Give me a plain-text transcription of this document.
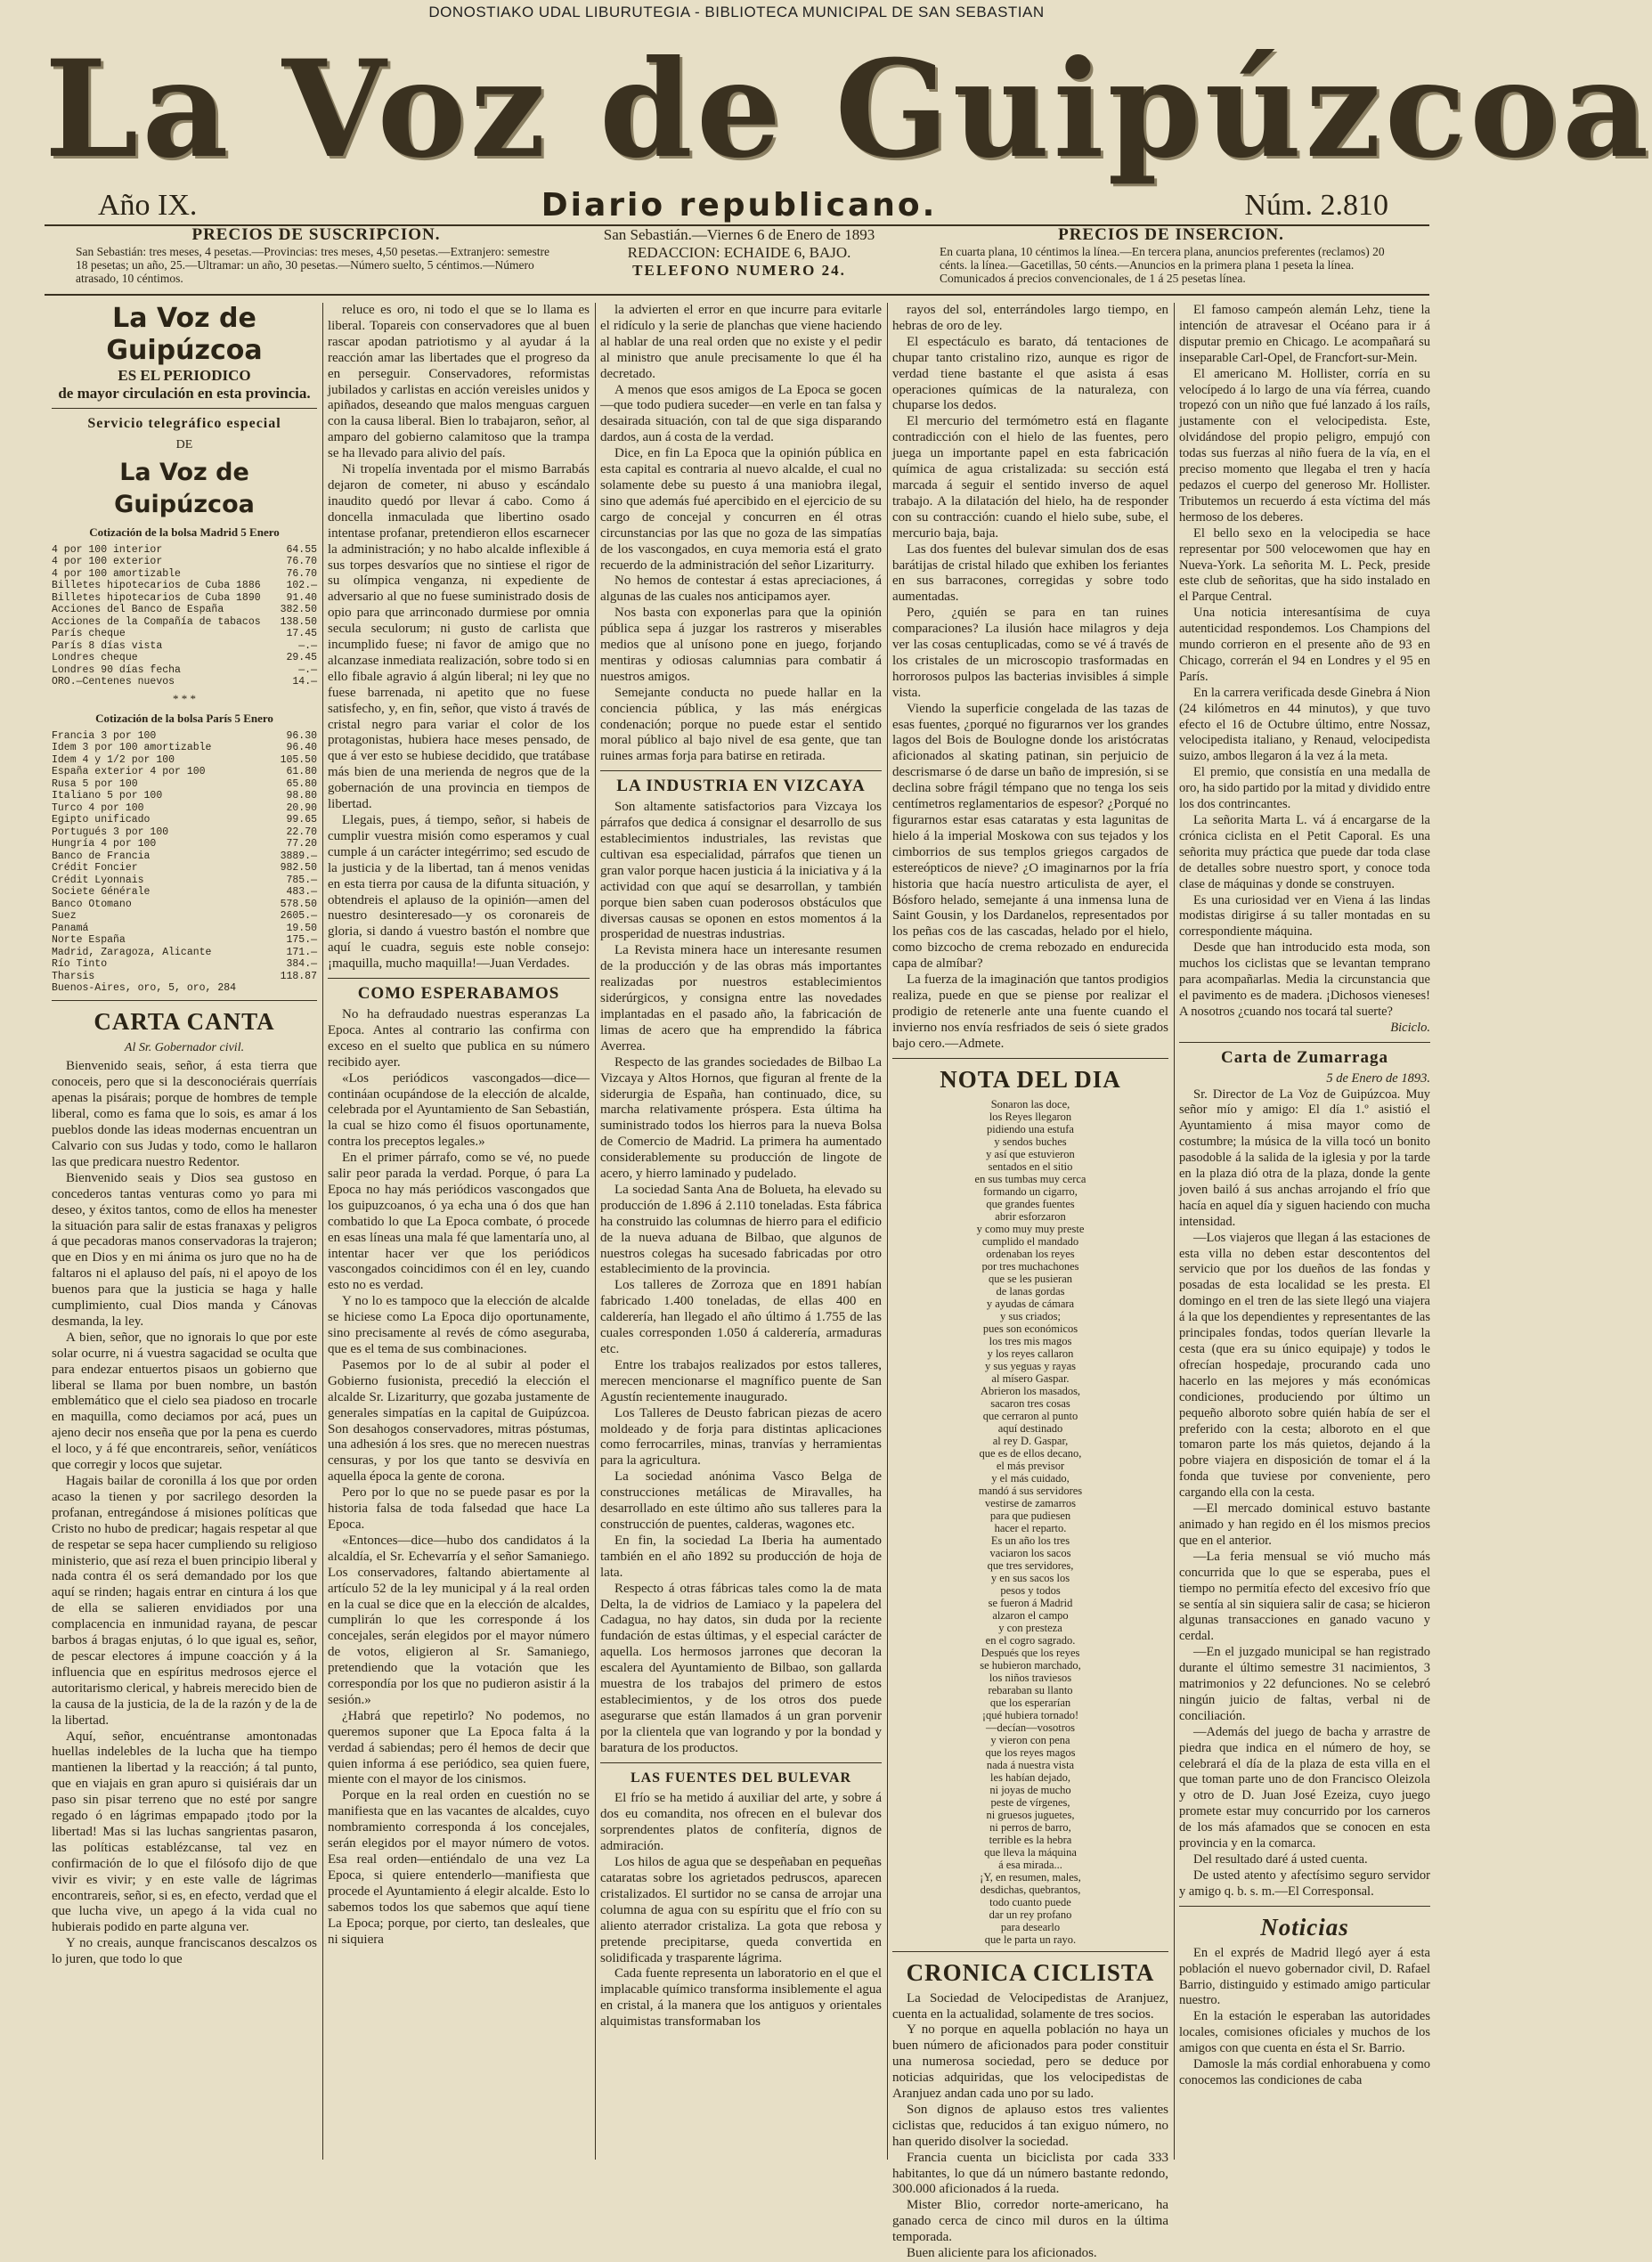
DONOSTIAKO UDAL LIBURUTEGIA - BIBLIOTECA MUNICIPAL DE SAN SEBASTIAN
La Voz de Guipúzcoa
Año IX.	Diario republicano.	Núm. 2.810
PRECIOS DE SUSCRIPCION.
San Sebastián: tres meses, 4 pesetas.—Provincias: tres meses, 4,50 pesetas.—Extranjero: semestre 18 pesetas; un año, 25.—Ultramar: un año, 30 pesetas.—Número suelto, 5 céntimos.—Número atrasado, 10 céntimos.
San Sebastián.—Viernes 6 de Enero de 1893
REDACCION: ECHAIDE 6, BAJO.
TELEFONO NUMERO 24.
PRECIOS DE INSERCION.
En cuarta plana, 10 céntimos la línea.—En tercera plana, anuncios preferentes (reclamos) 20 cénts. la línea.—Gacetillas, 50 cénts.—Anuncios en la primera plana 1 peseta la línea. Comunicados á precios convencionales, de 1 á 25 pesetas línea.
La Voz de Guipúzcoa
ES EL PERIODICO
de mayor circulación en esta provincia.
Servicio telegráfico especial
DE
La Voz de Guipúzcoa
Cotización de la bolsa Madrid 5 Enero
4 por 100 interior	64.55
4 por 100 exterior	76.70
4 por 100 amortizable	76.70
Billetes hipotecarios de Cuba 1886	102.—
Billetes hipotecarios de Cuba 1890	91.40
Acciones del Banco de España	382.50
Acciones de la Compañía de tabacos 138.50
París cheque	17.45
París 8 días vista	—.—
Londres cheque	29.45
Londres 90 días fecha	—.—
ORO.—Centenes nuevos	14.—
* * *
Cotización de la bolsa París 5 Enero
Francia 3 por 100	96.30
Idem 3 por 100 amortizable	96.40
Idem 4 y 1/2 por 100	105.50
España exterior 4 por 100	61.80
Rusa 5 por 100	65.80
Italiano 5 por 100	98.80
Turco 4 por 100	20.90
Egipto unificado	99.65
Portugués 3 por 100	22.70
Hungría 4 por 100	77.20
Banco de Francia	3889.—
Crédit Foncier	982.50
Crédit Lyonnais	785.—
Societe Générale	483.—
Banco Otomano	578.50
Suez	2605.—
Panamá	19.50
Norte España	175.—
Madrid, Zaragoza, Alicante	171.—
Río Tinto	384.—
Tharsis	118.87
Buenos-Aires, oro, 5, oro, 284
CARTA CANTA
Al Sr. Gobernador civil.

Bienvenido seais, señor, á esta tierra que conoceis, pero que si la desconociérais querríais apenas la pisárais; porque de hombres de temple liberal, como es fama que lo sois, es amar á los pueblos donde las ideas modernas encuentran un Calvario con sus Judas y todo, como le hallaron las que predicara nuestro Redentor.

Bienvenido seais y Dios sea gustoso en concederos tantas venturas como yo para mi deseo, y éxitos tantos, como de ellos ha menester la situación para salir de estas franaxas y peligros á que pecadoras manos conservadoras la trajeron; que en Dios y en mi ánima os juro que no ha de faltaros ni el aplauso del país, ni el apoyo de los buenos para que la justicia se haga y halle cumplimiento, cual Dios manda y Cánovas desmanda, la ley.

A bien, señor, que no ignorais lo que por este solar ocurre, ni á vuestra sagacidad se oculta que para endezar entuertos pisaos un gobierno que liberal se llama por buen nombre, un bastón emblemático que el cielo sea piadoso en trocarle en maquilla, como deciamos por acá, pues un ajeno decir nos enseña que por la pena es cuerdo el loco, y á fé que encontrareis, señor, veníáticos que corregir y locos que sujetar.

Hagais bailar de coronilla á los que por orden acaso la tienen y por sacrilego desorden la profanan, entregándose á misiones políticas que Cristo no hubo de predicar; hagais respetar al que de respetar se sepa hacer cumpliendo su religioso ministerio, que así reza el buen principio liberal y nada contra él os será demandado por los que aquí se rinden; hagais entrar en cintura á los que de ella se salieren envidiados por una complacencia en inmunidad rayana, de pescar barbos á bragas enjutas, ó lo que igual es, señor, de pescar electores á impune coacción y á la influencia que en espíritus medrosos ejerce el autoritarismo clerical, y habreis merecido bien de la causa de la justicia, de la de la razón y de la de la libertad.

Aquí, señor, encuéntranse amontonadas huellas indelebles de la lucha que ha tiempo mantienen la libertad y la reacción; á tal punto, que en viajais en gran apuro si quisiérais dar un paso sin pisar terreno que no esté por sangre regado ó en lágrimas empapado ¡todo por la libertad! Mas si las luchas sangrientas pasaron, las políticas establézcanse, tal vez en confirmación de lo que el filósofo dijo de que vivir es vivir; y en este valle de lágrimas encontrareis, señor, si es, en efecto, verdad que el que lucha vive, un apego á la vida cual no hubierais podido en parte alguna ver.

Y no creais, aunque franciscanos descalzos os lo juren, que todo lo que

reluce es oro, ni todo el que se lo llama es liberal. Topareis con conservadores que al buen rascar apodan patriotismo y al ayudar á la reacción amar las libertades que el progreso da en perseguir. Conservadores, reformistas jubilados y carlistas en acción vereisles unidos y apiñados, deseando que malos menguas carguen con la causa liberal. Bien lo trabajaron, señor, al amparo del gobierno calamitoso que la trampa se ha llevado para alivio del país.

Ni tropelía inventada por el mismo Barrabás dejaron de cometer, ni abuso y escándalo inaudito quedó por llevar á cabo. Como á doncella inmaculada que libertino osado intentase profanar, pretendieron ellos escarnecer la administración; y no habo alcalde inflexible á sus torpes desvaríos que no sintiese el rigor de su olímpica venganza, ni expediente de adversario al que no fuese suministrado dosis de opio para que arrinconado durmiese por omnia secula seculorum; ni gusto de carlista que incumplido fuese; ni favor de amigo que no alcanzase inmediata realización, sobre todo si en ello fibale agravio á algún liberal; ni ley que no fuese barrenada, ni apetito que no fuese satisfecho, y, en fin, señor, que visto á través de cristal negro para variar el color de los protagonistas, hubiera hace meses pensado, de que á ver esto se hubiese decidido, que tratábase más bien de una merienda de negros que de la gobernación de una provincia en tiempos de libertad.

Llegais, pues, á tiempo, señor, si habeis de cumplir vuestra misión como esperamos y cual cumple á un carácter integérrimo; sed escudo de la justicia y de la libertad, tan á menos venidas en esta tierra por causa de la difunta situación, y obtendreis el aplauso de la opinión—amen del nuestro desinteresado—y os coronareis de gloria, si dando á vuestro bastón el nombre que aquí le cuadra, seguis este noble consejo: ¡maquilla, mucho maquilla!—Juan Verdades.

COMO ESPERABAMOS

No ha defraudado nuestras esperanzas La Epoca. Antes al contrario las confirma con exceso en el suelto que publica en su número recibido ayer.

«Los periódicos vascongados—dice—contináan ocupándose de la elección de alcalde, celebrada por el Ayuntamiento de San Sebastián, la cual se hizo como él fisuos oportunamente, contra los preceptos legales.»

En el primer párrafo, como se vé, no puede salir peor parada la verdad. Porque, ó para La Epoca no hay más periódicos vascongados que los guipuzcoanos, ó ya echa una ó dos que han combatido lo que La Epoca combate, ó procede en esas líneas una mala fé que lamentaría uno, al intentar hacer ver que los periódicos vascongados coincidimos con él en ley, cuando esto no es verdad.

Y no lo es tampoco que la elección de alcalde se hiciese como La Epoca dijo oportunamente, sino precisamente al revés de cómo aseguraba, que es el tema de sus combinaciones.

Pasemos por lo de al subir al poder el Gobierno fusionista, precedió la elección el alcalde Sr. Lizariturry, que gozaba justamente de generales simpatías en la capital de Guipúzcoa. Son desahogos conservadores, mitras póstumas, una adhesión á los sres. que no merecen nuestras censuras, y por los que tanto se desvivía en aquella época la gente de corona.

Pero por lo que no se puede pasar es por la historia falsa de toda falsedad que hace La Epoca.

«Entonces—dice—hubo dos candidatos á la alcaldía, el Sr. Echevarría y el señor Samaniego. Los conservadores, faltando abiertamente al artículo 52 de la ley municipal y á la real orden en la cual se dice que en la elección de alcaldes, cumplirán lo que les corresponde á los concejales, serán elegidos por el mayor número de votos, eligieron al Sr. Samaniego, pretendiendo que la votación que les correspondía por los que no pudieron asistir á la sesión.»

¿Habrá que repetirlo? No podemos, no queremos suponer que La Epoca falta á la verdad á sabiendas; pero él hemos de decir que quien informa á ese periódico, sea quien fuere, miente con el mayor de los cinismos.

Porque en la real orden en cuestión no se manifiesta que en las vacantes de alcaldes, cuyo nombramiento corresponda á los concejales, serán elegidos por el mayor número de votos. Esa real orden—entiéndalo de una vez La Epoca, si quiere entenderlo—manifiesta que procede el Ayuntamiento á elegir alcalde. Esto lo sabemos todos los que sabemos que aquí tiene La Epoca; porque, por cierto, tan desleales, que ni siquiera

la advierten el error en que incurre para evitarle el ridículo y la serie de planchas que viene haciendo al hablar de una real orden que no existe y el pedir al ministro que anule precisamente lo que él ha decretado.

A menos que esos amigos de La Epoca se gocen—que todo pudiera suceder—en verle en tan falsa y desairada situación, con tal de que siga disparando dardos, aun á costa de la verdad.

Dice, en fin La Epoca que la opinión pública en esta capital es contraria al nuevo alcalde, el cual no solamente debe su puesto á una maniobra ilegal, sino que además fué apercibido en el ejercicio de su cargo de concejal y concurren en él otras circunstancias por las que no goza de las simpatías de los vascongados, en cuya memoria está el grato recuerdo de la administración del señor Lizariturry.

No hemos de contestar á estas apreciaciones, á algunas de las cuales nos anticipamos ayer.

Nos basta con exponerlas para que la opinión pública sepa á juzgar los rastreros y miserables medios que al unísono pone en juego, forjando mentiras y odiosas calumnias para combatir á nuestros amigos.

Semejante conducta no puede hallar en la conciencia pública, y las más enérgicas condenación; porque no puede estar el sentido moral público al bajo nivel de esa gente, que tan ruines armas forja para batirse en retirada.

LA INDUSTRIA EN VIZCAYA

Son altamente satisfactorios para Vizcaya los párrafos que dedica á consignar el desarrollo de sus establecimientos industriales, las revistas que cultivan esa especialidad, párrafos que tienen un gran valor porque hacen justicia á la iniciativa y á la actividad con que aquí se desarrollan, y también porque bien saben cuan poderosos obstáculos que diversas causas se oponen en estos momentos á la prosperidad de nuestras industrias.

La Revista minera hace un interesante resumen de la producción y de las obras más importantes realizadas por nuestros establecimientos siderúrgicos, y consigna entre las novedades implantadas en el pasado año, la fabricación de limas de acero que ha emprendido la fábrica Averrea.

Respecto de las grandes sociedades de Bilbao La Vizcaya y Altos Hornos, que figuran al frente de la siderurgia de España, han continuado, dice, su marcha relativamente próspera. Esta última ha suministrado todos los hierros para la nueva Bolsa de Comercio de Madrid. La primera ha aumentado considerablemente su producción de lingote de acero, y hierro laminado y pudelado.

La sociedad Santa Ana de Bolueta, ha elevado su producción de 1.896 á 2.110 toneladas. Esta fábrica ha construido las columnas de hierro para el edificio de la nueva aduana de Bilbao, que algunos de nuestros colegas ha sucesado fabricadas por otro establecimiento de la provincia.

Los talleres de Zorroza que en 1891 habían fabricado 1.400 toneladas, de ellas 400 en calderería, han llegado el año último á 1.755 de las cuales corresponden 1.050 á calderería, armaduras etc.

Entre los trabajos realizados por estos talleres, merecen mencionarse el magnífico puente de San Agustín recientemente inaugurado.

Los Talleres de Deusto fabrican piezas de acero moldeado y de forja para distintas aplicaciones como ferrocarriles, minas, tranvías y herramientas para la agricultura.

La sociedad anónima Vasco Belga de construcciones metálicas de Miravalles, ha desarrollado en este último año sus talleres para la construcción de puentes, calderas, wagones etc.

En fin, la sociedad La Iberia ha aumentado también en el año 1892 su producción de hoja de lata.

Respecto á otras fábricas tales como la de mata Delta, la de vidrios de Lamiaco y la papelera del Cadagua, no hay datos, sin duda por la reciente fundación de estas últimas, y el especial carácter de aquella. Los hermosos jarrones que decoran la escalera del Ayuntamiento de Bilbao, son gallarda muestra de los trabajos del primero de estos establecimientos, y de los otros dos puede asegurarse que están llamados á un gran porvenir por la clientela que van logrando y por la bondad y baratura de los productos.

LAS FUENTES DEL BULEVAR

El frío se ha metido á auxiliar del arte, y sobre á dos eu comandita, nos ofrecen en el bulevar dos sorprendentes platos de confitería, dignos de admiración.

Los hilos de agua que se despeñaban en pequeñas cataratas sobre los agrietados pedruscos, aparecen cristalizados. El surtidor no se cansa de arrojar una columna de agua con su espíritu que el frío con su aliento aterrador cristaliza. La gota que rebosa y pretende precipitarse, queda convertida en solidificada y trasparente lágrima.

Cada fuente representa un laboratorio en el que el implacable químico transforma insiblemente el agua en cristal, á la manera que los antiguos y orientales alquimistas transformaban los

rayos del sol, enterrándoles largo tiempo, en hebras de oro de ley.

El espectáculo es barato, dá tentaciones de chupar tanto cristalino rizo, aunque es rigor de verdad tiene bastante el que asista á esas operaciones químicas de la naturaleza, con chuparse los dedos.

El mercurio del termómetro está en flagante contradicción con el hielo de las fuentes, pero juega un importante papel en esta fabricación química de agua cristalizada: su sección está marcada á seguir el sentido inverso de aquel trabajo. A la dilatación del hielo, ha de responder con su contracción: cuando el hielo sube, sube, el mercurio baja, baja.

Las dos fuentes del bulevar simulan dos de esas barátijas de cristal hilado que exhiben los feriantes en sus barracones, corregidas y sobre todo aumentadas.

Pero, ¿quién se para en tan ruines comparaciones? La ilusión hace milagros y deja ver las cosas centuplicadas, como se vé á través de los cristales de un microscopio trasformadas en horrorosos pulpos las bacterias invisibles á simple vista.

Viendo la superficie congelada de las tazas de esas fuentes, ¿porqué no figurarnos ver los grandes lagos del Bois de Boulogne donde los aristócratas aficionados al skating patinan, sin perjuicio de descrismarse ó de darse un baño de impresión, si se declina sobre frágil témpano que no tenga los seis centímetros reglamentarios de espesor? ¿Porqué no figurarnos estar esas cataratas y esta lagunitas de hielo á la imperial Moskowa con sus tejados y los cimborrios de sus templos griegos cargados de estereópticos de nieve? ¿O imaginarnos por la fría historia que hacía nuestro articulista de ayer, el Bósforo helado, semejante á una inmensa luna de Saint Gousin, y los Dardanelos, representados por los peñas cos de las cascadas, helado por el hielo, como bizcocho de crema rebozado en endurecida capa de almíbar?

La fuerza de la imaginación que tantos prodigios realiza, puede en que se piense por realizar el prodigio de retenerle ante una fuente cuando el invierno nos envía resfriados de seis ó siete grados bajo cero.—Admete.

NOTA DEL DIA

Sonaron las doce,

los Reyes llegaron

pidiendo una estufa

y sendos buches

y así que estuvieron

sentados en el sitio

en sus tumbas muy cerca

formando un cigarro,

que grandes fuentes

abrir esforzaron

y como muy muy preste

cumplido el mandado

ordenaban los reyes

por tres muchachones

que se les pusieran

de lanas gordas

y ayudas de cámara

y sus criados;

pues son económicos

los tres mis magos

y los reyes callaron

y sus yeguas y rayas

al mísero Gaspar.

Abrieron los masados,

sacaron tres cosas

que cerraron al punto

aquí destinado

al rey D. Gaspar,

que es de ellos decano,

el más previsor

y el más cuidado,

mandó á sus servidores

vestirse de zamarros

para que pudiesen

hacer el reparto.

Es un año los tres

vaciaron los sacos

que tres servidores,

y en sus sacos los

pesos y todos

se fueron á Madrid

alzaron el campo

y con presteza

en el cogro sagrado.

Después que los reyes

se hubieron marchado,

los niños traviesos

rebaraban su llanto

que los esperarían

¡qué hubiera tornado!

—decían—vosotros

y vieron con pena

que los reyes magos

nada á nuestra vista

les habían dejado,

ni joyas de mucho

peste de vírgenes,

ni gruesos juguetes,

ni perros de barro,

terrible es la hebra

que lleva la máquina

á esa mirada...

¡Y, en resumen, males,

desdichas, quebrantos,

todo cuanto puede

dar un rey profano

para desearlo

que le parta un rayo.

CRONICA CICLISTA

La Sociedad de Velocipedistas de Aranjuez, cuenta en la actualidad, solamente de tres socios.

Y no porque en aquella población no haya un buen número de aficionados para poder constituir una numerosa sociedad, pero se deduce por noticias adquiridas, que los velocipedistas de Aranjuez andan cada uno por su lado.

Son dignos de aplauso estos tres valientes ciclistas que, reducidos á tan exiguo número, no han querido disolver la sociedad.

Francia cuenta un biciclista por cada 333 habitantes, lo que dá un número bastante redondo, 300.000 aficionados á la rueda.

Mister Blio, corredor norte-americano, ha ganado cerca de cinco mil duros en la última temporada.

Buen aliciente para los aficionados.

El famoso campeón alemán Lehz, tiene la intención de atravesar el Océano para ir á disputar premio en Chicago. Le acompañará su inseparable Carl-Opel, de Francfort-sur-Mein.

El americano M. Hollister, corría en su velocípedo á lo largo de una vía férrea, cuando tropezó con un niño que fué lanzado á los raíls, justamente con el velocipedista. Este, olvidándose del propio peligro, empujó con todas sus fuerzas al niño fuera de la vía, en el preciso momento que llegaba el tren y hacía pedazos el cuerpo del generoso Mr. Hollister. Tributemos un recuerdo á esta víctima del más hermoso de los deberes.

El bello sexo en la velocipedia se hace representar por 500 velocewomen que hay en Nueva-York. La señorita M. L. Peck, preside este club de señoritas, que ha sido instalado en el Parque Central.

Una noticia interesantísima de cuya autenticidad respondemos. Los Champions del mundo corrieron en el presente año de 93 en Chicago, correrán el 94 en Londres y el 95 en París.

En la carrera verificada desde Ginebra á Nion (24 kilómetros en 44 minutos), y que tuvo efecto el 16 de Octubre último, entre Nossaz, velocipedista italiano, y Renaud, velocipedista suizo, ambos llegaron á la vez á la meta.

El premio, que consistía en una medalla de oro, ha sido partido por la mitad y dividido entre los dos contrincantes.

La señorita Marta L. vá á encargarse de la crónica ciclista en el Petit Caporal. Es una señorita muy práctica que puede dar toda clase de detalles sobre nuestro sport, y conoce toda clase de máquinas y donde se construyen.

Es una curiosidad ver en Viena á las lindas modistas dirigirse á su taller montadas en su correspondiente máquina.

Desde que han introducido esta moda, son muchos los ciclistas que se levantan temprano para acompañarlas. Media la circunstancia que el pavimento es de madera. ¡Dichosos vieneses! A nosotros ¿cuando nos tocará tal suerte?

Biciclo.
Carta de Zumarraga
5 de Enero de 1893.

Sr. Director de La Voz de Guipúzcoa. Muy señor mío y amigo: El día 1.º asistió el Ayuntamiento á misa mayor como de costumbre; la música de la villa tocó un bonito pasodoble á la salida de la iglesia y por la tarde en la plaza dió otra de la plaza, donde la gente joven bailó á sus anchas arrojando el frío que hacía en aquel día y siguen haciendo con mucha intensidad.

—Los viajeros que llegan á las estaciones de esta villa no deben estar descontentos del servicio que por los dueños de las fondas y posadas de esta localidad se les presta. El domingo en el tren de las siete llegó una viajera á la que los dependientes y representantes de las principales fondas, todos querían llevarle la cesta (que era su único equipaje) y todos le ofrecían hospedaje, procurando cada uno hacerlo en las mejores y más económicas condiciones, produciendo por último un pequeño alboroto sobre quién había de ser el preferido con la cesta; alboroto en el que tomaron parte los más quietos, dejando á la pobre viajera en disposición de tomar el á la fonda que tuviese por conveniente, pero cargando ella con la cesta.

—El mercado dominical estuvo bastante animado y han regido en él los mismos precios que en el anterior.

—La feria mensual se vió mucho más concurrida que lo que se esperaba, pues el tiempo no permitía efecto del excesivo frío que se sentía al sin siquiera salir de casa; se hicieron algunas transacciones en ganado vacuno y cerdal.

—En el juzgado municipal se han registrado durante el último semestre 31 nacimientos, 3 matrimonios y 22 defunciones. No se celebró ningún juicio de faltas, verbal ni de conciliación.

—Además del juego de bacha y arrastre de piedra que indica en el número de hoy, se celebrará el día de la plaza de esta villa en el que toman parte uno de don Francisco Oleizola y otro de D. Juan José Ezeiza, cuyo juego promete estar muy concurrido por los carneros de los más afamados que se conocen en esta provincia y en la comarca.

Del resultado daré á usted cuenta.

De usted atento y afectísimo seguro servidor y amigo q. b. s. m.—El Corresponsal.

Noticias

En el exprés de Madrid llegó ayer á esta población el nuevo gobernador civil, D. Rafael Barrio, distinguido y estimado amigo particular nuestro.

En la estación le esperaban las autoridades locales, comisiones oficiales y muchos de los amigos con que cuenta en ésta el Sr. Barrio.

Damosle la más cordial enhorabuena y como conocemos las condiciones de caba
